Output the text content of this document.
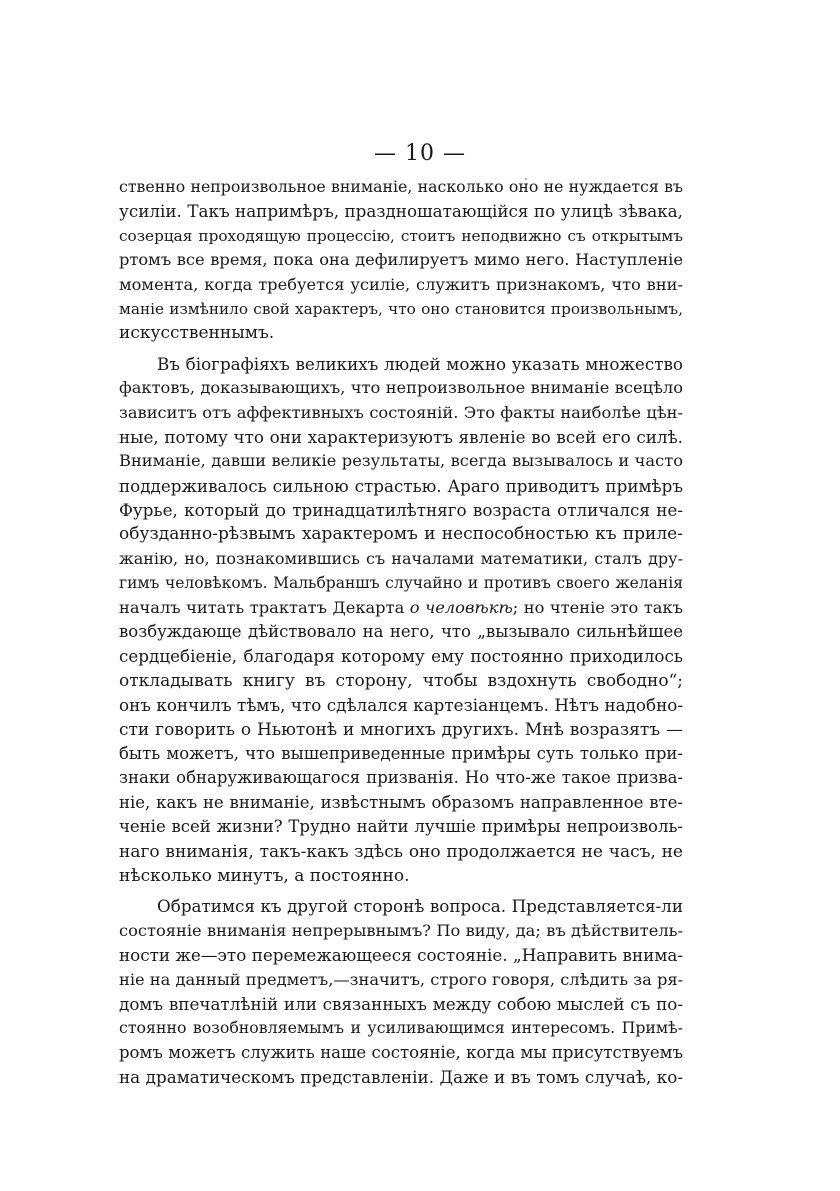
— 10 —
ственно непроизвольное вниманіе, насколько оно не нуждается въ
усиліи. Такъ напримѣръ, праздношатающійся по улицѣ зѣвака,
созерцая проходящую процессію, стоитъ неподвижно съ открытымъ
ртомъ все время, пока она дефилируетъ мимо него. Наступленіе
момента, когда требуется усиліе, служитъ признакомъ, что вни-
маніе измѣнило свой характеръ, что оно становится произвольнымъ,
искусственнымъ.
Въ біографіяхъ великихъ людей можно указать множество
фактовъ, доказывающихъ, что непроизвольное вниманіе всецѣло
зависитъ отъ аффективныхъ состояній. Это факты наиболѣе цѣн-
ные, потому что они характеризуютъ явленіе во всей его силѣ.
Вниманіе, давши великіе результаты, всегда вызывалось и часто
поддерживалось сильною страстью. Араго приводитъ примѣръ
Фурье, который до тринадцатилѣтняго возраста отличался не-
обузданно-рѣзвымъ характеромъ и неспособностью къ приле-
жанію, но, познакомившись съ началами математики, сталъ дру-
гимъ человѣкомъ. Мальбраншъ случайно и противъ своего желанія
началъ читать трактатъ Декарта о человѣкѣ; но чтеніе это такъ
возбуждающе дѣйствовало на него, что „вызывало сильнѣйшее
сердцебіеніе, благодаря которому ему постоянно приходилось
откладывать книгу въ сторону, чтобы вздохнуть свободно“;
онъ кончилъ тѣмъ, что сдѣлался картезіанцемъ. Нѣтъ надобно-
сти говорить о Ньютонѣ и многихъ другихъ. Мнѣ возразятъ —
быть можетъ, что вышеприведенные примѣры суть только при-
знаки обнаруживающагося призванія. Но что-же такое призва-
ніе, какъ не вниманіе, извѣстнымъ образомъ направленное вте-
ченіе всей жизни? Трудно найти лучшіе примѣры непроизволь-
наго вниманія, такъ-какъ здѣсь оно продолжается не часъ, не
нѣсколько минутъ, а постоянно.
Обратимся къ другой сторонѣ вопроса. Представляется-ли
состояніе вниманія непрерывнымъ? По виду, да; въ дѣйствитель-
ности же—это перемежающееся состояніе. „Направить внима-
ніе на данный предметъ,—значитъ, строго говоря, слѣдить за ря-
домъ впечатлѣній или связанныхъ между собою мыслей съ по-
стоянно возобновляемымъ и усиливающимся интересомъ. Примѣ-
ромъ можетъ служить наше состояніе, когда мы присутствуемъ
на драматическомъ представленіи. Даже и въ томъ случаѣ, ко-
